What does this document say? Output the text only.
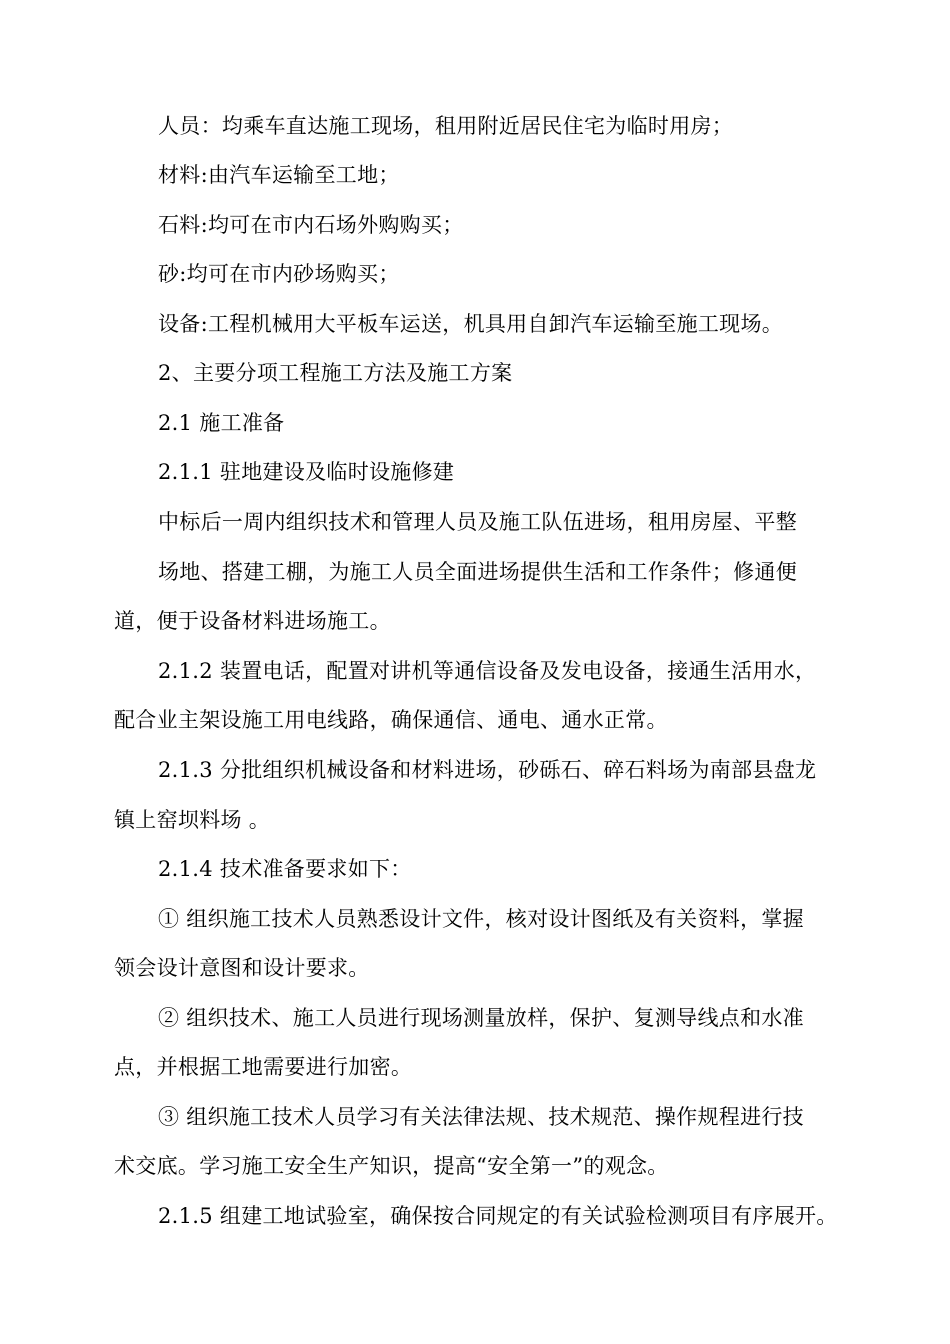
人员：均乘车直达施工现场，租用附近居民住宅为临时用房；
材料:由汽车运输至工地；
石料:均可在市内石场外购购买；
砂:均可在市内砂场购买；
设备:工程机械用大平板车运送，机具用自卸汽车运输至施工现场。
2、主要分项工程施工方法及施工方案
2.1 施工准备
2.1.1 驻地建设及临时设施修建
中标后一周内组织技术和管理人员及施工队伍进场，租用房屋、平整
场地、搭建工棚，为施工人员全面进场提供生活和工作条件；修通便
道，便于设备材料进场施工。
2.1.2 装置电话，配置对讲机等通信设备及发电设备，接通生活用水，
配合业主架设施工用电线路，确保通信、通电、通水正常。
2.1.3 分批组织机械设备和材料进场，砂砾石、碎石料场为南部县盘龙
镇上窑坝料场 。
2.1.4 技术准备要求如下：
① 组织施工技术人员熟悉设计文件，核对设计图纸及有关资料，掌握
领会设计意图和设计要求。
② 组织技术、施工人员进行现场测量放样，保护、复测导线点和水准
点，并根据工地需要进行加密。
③ 组织施工技术人员学习有关法律法规、技术规范、操作规程进行技
术交底。学习施工安全生产知识，提高“安全第一”的观念。
2.1.5 组建工地试验室，确保按合同规定的有关试验检测项目有序展开。
